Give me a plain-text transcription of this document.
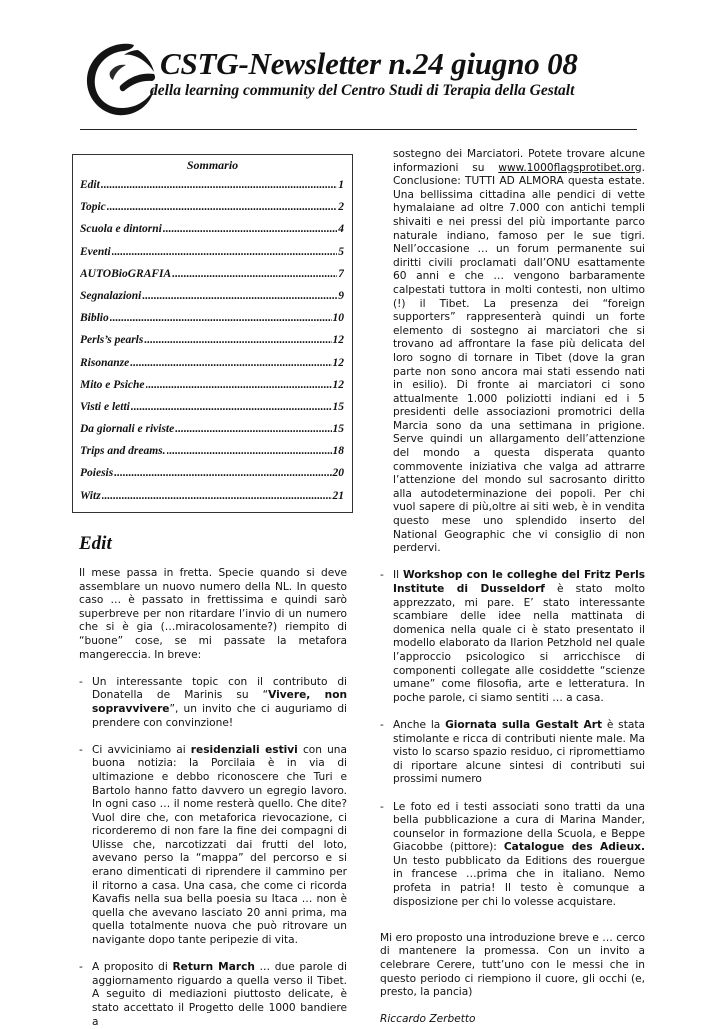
CSTG-Newsletter n.24 giugno 08
della learning community del Centro Studi di Terapia della Gestalt
Sommario
Edit .....	1
Topic .....	2
Scuola e dintorni .....	4
Eventi .....	5
AUTOBioGRAFIA .....	7
Segnalazioni .....	9
Biblio .....	10
Perls’s pearls .....	12
Risonanze .....	12
Mito e Psiche .....	12
Visti e letti .....	15
Da giornali e riviste .....	15
Trips and dreams. .....	18
Poiesis .....	20
Witz .....	21
Edit

Il mese passa in fretta. Specie quando si deve assemblare un nuovo numero della NL. In questo caso … è passato in frettissima e quindi sarò superbreve per non ritardare l’invio di un numero che si è gia (…miracolosamente?) riempito di “buone” cose, se mi passate la metafora mangereccia. In breve:

- Un interessante topic con il contributo di Donatella de Marinis su “Vivere, non sopravvivere”, un invito che ci auguriamo di prendere con convinzione!

- Ci avviciniamo ai residenziali estivi con una buona notizia: la Porcilaia è in via di ultimazione e debbo riconoscere che Turi e Bartolo hanno fatto davvero un egregio lavoro. In ogni caso … il nome resterà quello. Che dite? Vuol dire che, con metaforica rievocazione, ci ricorderemo di non fare la fine dei compagni di Ulisse che, narcotizzati dai frutti del loto, avevano perso la “mappa” del percorso e si erano dimenticati di riprendere il cammino per il ritorno a casa. Una casa, che come ci ricorda Kavafis nella sua bella poesia su Itaca … non è quella che avevano lasciato 20 anni prima, ma quella totalmente nuova che può ritrovare un navigante dopo tante peripezie di vita.

- A proposito di Return March … due parole di aggiornamento riguardo a quella verso il Tibet. A seguito di mediazioni piuttosto delicate, è stato accettato il Progetto delle 1000 bandiere a

sostegno dei Marciatori. Potete trovare alcune informazioni su www.1000flagsprotibet.org. Conclusione: TUTTI AD ALMORA questa estate. Una bellissima cittadina alle pendici di vette hymalaiane ad oltre 7.000 con antichi templi shivaiti e nei pressi del più importante parco naturale indiano, famoso per le sue tigri. Nell’occasione … un forum permanente sui diritti civili proclamati dall’ONU esattamente 60 anni e che … vengono barbaramente calpestati tuttora in molti contesti, non ultimo (!) il Tibet. La presenza dei “foreign supporters” rappresenterà quindi un forte elemento di sostegno ai marciatori che si trovano ad affrontare la fase più delicata del loro sogno di tornare in Tibet (dove la gran parte non sono ancora mai stati essendo nati in esilio). Di fronte ai marciatori ci sono attualmente 1.000 poliziotti indiani ed i 5 presidenti delle associazioni promotrici della Marcia sono da una settimana in prigione. Serve quindi un allargamento dell’attenzione del mondo a questa disperata quanto commovente iniziativa che valga ad attrarre l’attenzione del mondo sul sacrosanto diritto alla autodeterminazione dei popoli. Per chi vuol sapere di più,oltre ai siti web, è in vendita questo mese uno splendido inserto del National Geographic che vi consiglio di non perdervi.

- Il Workshop con le colleghe del Fritz Perls Institute di Dusseldorf è stato molto apprezzato, mi pare. E’ stato interessante scambiare delle idee nella mattinata di domenica nella quale ci è stato presentato il modello elaborato da Ilarion Petzhold nel quale l’approccio psicologico si arricchisce di componenti collegate alle cosiddette “scienze umane” come filosofia, arte e letteratura. In poche parole, ci siamo sentiti … a casa.

- Anche la Giornata sulla Gestalt Art è stata stimolante e ricca di contributi niente male. Ma visto lo scarso spazio residuo, ci ripromettiamo di riportare alcune sintesi di contributi sui prossimi numero

- Le foto ed i testi associati sono tratti da una bella pubblicazione a cura di Marina Mander, counselor in formazione della Scuola, e Beppe Giacobbe (pittore): Catalogue des Adieux. Un testo pubblicato da Editions des rouergue in francese …prima che in italiano. Nemo profeta in patria! Il testo è comunque a disposizione per chi lo volesse acquistare.

Mi ero proposto una introduzione breve e … cerco di mantenere la promessa. Con un invito a celebrare Cerere, tutt’uno con le messi che in questo periodo ci riempiono il cuore, gli occhi (e, presto, la pancia)

Riccardo Zerbetto
